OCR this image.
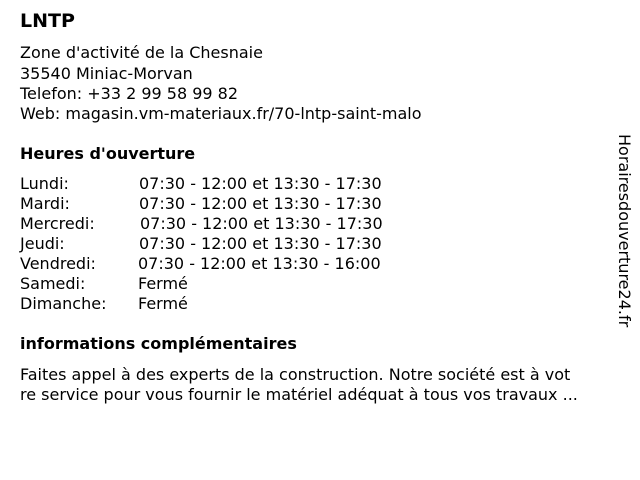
LNTP
Zone d'activité de la Chesnaie
35540 Miniac-Morvan
Telefon: +33 2 99 58 99 82
Web: magasin.vm-materiaux.fr/70-lntp-saint-malo
Heures d'ouverture
Lundi:	07:30 - 12:00 et 13:30 - 17:30
Mardi:	07:30 - 12:00 et 13:30 - 17:30
Mercredi:	07:30 - 12:00 et 13:30 - 17:30
Jeudi:	07:30 - 12:00 et 13:30 - 17:30
Vendredi:	07:30 - 12:00 et 13:30 - 16:00
Samedi:	Fermé
Dimanche: Fermé
informations complémentaires
Faites appel à des experts de la construction. Notre société est à vot
re service pour vous fournir le matériel adéquat à tous vos travaux ...
Horairesdouverture24.fr
